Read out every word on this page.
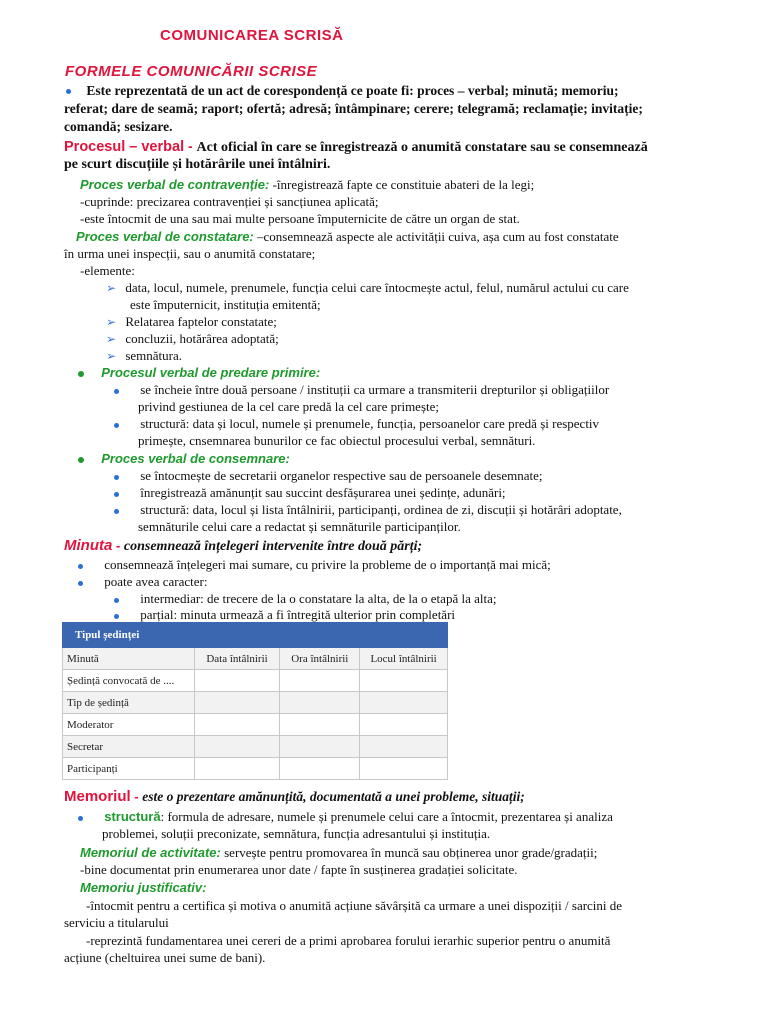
COMUNICAREA SCRISĂ
FORMELE COMUNICĂRII SCRISE
Este reprezentată de un act de corespondență ce poate fi: proces – verbal; minută; memoriu;
referat; dare de seamă; raport; ofertă; adresă; întâmpinare; cerere; telegramă; reclamație; invitație;
comandă; sesizare.
Procesul – verbal - Act oficial în care se înregistrează o anumită constatare sau se consemnează
pe scurt discuțiile și hotărârile unei întâlniri.
Proces verbal de contravenție: -înregistrează fapte ce constituie abateri de la legi;
-cuprinde: precizarea contravenției și sancțiunea aplicată;
-este întocmit de una sau mai multe persoane împuternicite de către un organ de stat.
Proces verbal de constatare: –consemnează aspecte ale activității cuiva, așa cum au fost constatate
în urma unei inspecții, sau o anumită constatare;
-elemente:
➢ data, locul, numele, prenumele, funcția celui care întocmește actul, felul, numărul actului cu care
este împuternicit, instituția emitentă;
➢ Relatarea faptelor constatate;
➢ concluzii, hotărârea adoptată;
➢ semnătura.
Procesul verbal de predare primire:
se încheie între două persoane / instituții ca urmare a transmiterii drepturilor și obligațiilor
privind gestiunea de la cel care predă la cel care primește;
structură: data și locul, numele și prenumele, funcția, persoanelor care predă și respectiv
primește, cnsemnarea bunurilor ce fac obiectul procesului verbal, semnături.
Proces verbal de consemnare:
se întocmește de secretarii organelor respective sau de persoanele desemnate;
înregistrează amănunțit sau succint desfășurarea unei ședințe, adunări;
structură: data, locul și lista întâlnirii, participanți, ordinea de zi, discuții și hotărâri adoptate,
semnăturile celui care a redactat și semnăturile participanților.
Minuta - consemnează înțelegeri intervenite între două părți;
consemnează înțelegeri mai sumare, cu privire la probleme de o importanță mai mică;
poate avea caracter:
intermediar: de trecere de la o constatare la alta, de la o etapă la alta;
parțial: minuta urmează a fi întregită ulterior prin completări
Tipul ședinței			
Minută	Data întâlnirii	Ora întâlnirii	Locul întâlnirii
Ședință convocată de ....			
Tip de ședință			
Moderator			
Secretar			
Participanți			
Memoriul - este o prezentare amănunțită, documentată a unei probleme, situații;
structură: formula de adresare, numele și prenumele celui care a întocmit, prezentarea și analiza
problemei, soluții preconizate, semnătura, funcția adresantului și instituția.
Memoriul de activitate: servește pentru promovarea în muncă sau obținerea unor grade/gradații;
-bine documentat prin enumerarea unor date / fapte în susținerea gradației solicitate.
Memoriu justificativ:
-întocmit pentru a certifica și motiva o anumită acțiune săvârșită ca urmare a unei dispoziții / sarcini de
serviciu a titularului
-reprezintă fundamentarea unei cereri de a primi aprobarea forului ierarhic superior pentru o anumită
acțiune (cheltuirea unei sume de bani).
